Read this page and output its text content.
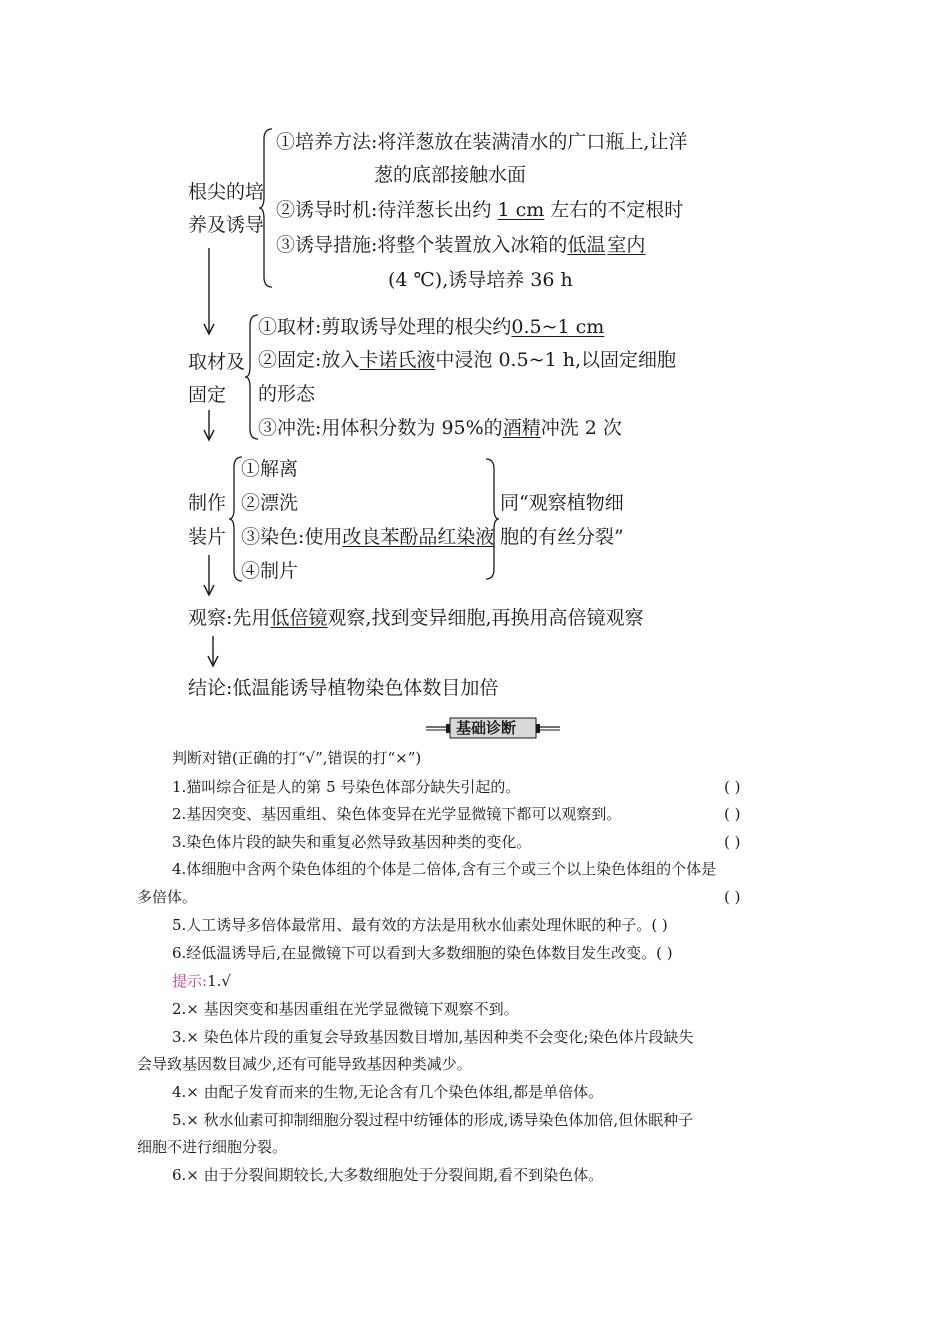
根尖的培
养及诱导
①培养方法:将洋葱放在装满清水的广口瓶上,让洋
葱的底部接触水面
②诱导时机:待洋葱长出约 1 cm 左右的不定根时
③诱导措施:将整个装置放入冰箱的低温 室内
(4 ℃),诱导培养 36 h
取材及
固定
①取材:剪取诱导处理的根尖约0.5~1 cm
②固定:放入卡诺氏液中浸泡 0.5~1 h,以固定细胞
的形态
③冲洗:用体积分数为 95%的酒精冲洗 2 次
制作
装片
①解离
②漂洗
③染色:使用改良苯酚品红染液
④制片
同“观察植物细
胞的有丝分裂”
观察:先用低倍镜观察,找到变异细胞,再换用高倍镜观察
结论:低温能诱导植物染色体数目加倍
基础诊断
判断对错(正确的打“√”,错误的打“×”)
1.猫叫综合征是人的第 5 号染色体部分缺失引起的。	( )
2.基因突变、基因重组、染色体变异在光学显微镜下都可以观察到。	( )
3.染色体片段的缺失和重复必然导致基因种类的变化。	( )
4.体细胞中含两个染色体组的个体是二倍体,含有三个或三个以上染色体组的个体是
多倍体。	( )
5.人工诱导多倍体最常用、最有效的方法是用秋水仙素处理休眠的种子。( )
6.经低温诱导后,在显微镜下可以看到大多数细胞的染色体数目发生改变。( )
提示:1.√
2.× 基因突变和基因重组在光学显微镜下观察不到。
3.× 染色体片段的重复会导致基因数目增加,基因种类不会变化;染色体片段缺失
会导致基因数目减少,还有可能导致基因种类减少。
4.× 由配子发育而来的生物,无论含有几个染色体组,都是单倍体。
5.× 秋水仙素可抑制细胞分裂过程中纺锤体的形成,诱导染色体加倍,但休眠种子
细胞不进行细胞分裂。
6.× 由于分裂间期较长,大多数细胞处于分裂间期,看不到染色体。
